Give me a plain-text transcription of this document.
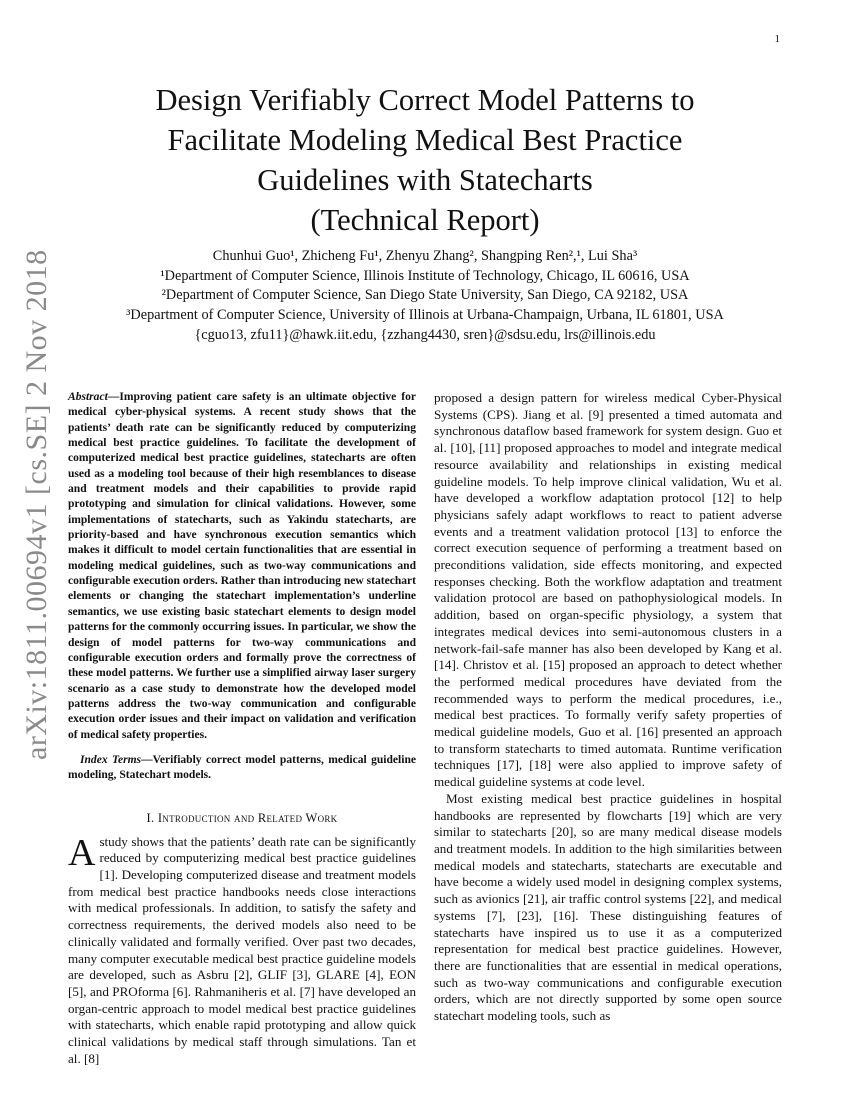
1
arXiv:1811.00694v1 [cs.SE] 2 Nov 2018
Design Verifiably Correct Model Patterns to
Facilitate Modeling Medical Best Practice
Guidelines with Statecharts
(Technical Report)
Chunhui Guo¹, Zhicheng Fu¹, Zhenyu Zhang², Shangping Ren²,¹, Lui Sha³
¹Department of Computer Science, Illinois Institute of Technology, Chicago, IL 60616, USA
²Department of Computer Science, San Diego State University, San Diego, CA 92182, USA
³Department of Computer Science, University of Illinois at Urbana-Champaign, Urbana, IL 61801, USA
{cguo13, zfu11}@hawk.iit.edu, {zzhang4430, sren}@sdsu.edu, lrs@illinois.edu
Abstract—Improving patient care safety is an ultimate objective for medical cyber-physical systems. A recent study shows that the patients’ death rate can be significantly reduced by computerizing medical best practice guidelines. To facilitate the development of computerized medical best practice guidelines, statecharts are often used as a modeling tool because of their high resemblances to disease and treatment models and their capabilities to provide rapid prototyping and simulation for clinical validations. However, some implementations of statecharts, such as Yakindu statecharts, are priority-based and have synchronous execution semantics which makes it difficult to model certain functionalities that are essential in modeling medical guidelines, such as two-way communications and configurable execution orders. Rather than introducing new statechart elements or changing the statechart implementation’s underline semantics, we use existing basic statechart elements to design model patterns for the commonly occurring issues. In particular, we show the design of model patterns for two-way communications and configurable execution orders and formally prove the correctness of these model patterns. We further use a simplified airway laser surgery scenario as a case study to demonstrate how the developed model patterns address the two-way communication and configurable execution order issues and their impact on validation and verification of medical safety properties.
Index Terms—Verifiably correct model patterns, medical guideline modeling, Statechart models.
I. Introduction and Related Work
A study shows that the patients’ death rate can be significantly reduced by computerizing medical best practice guidelines [1]. Developing computerized disease and treatment models from medical best practice handbooks needs close interactions with medical professionals. In addition, to satisfy the safety and correctness requirements, the derived models also need to be clinically validated and formally verified. Over past two decades, many computer executable medical best practice guideline models are developed, such as Asbru [2], GLIF [3], GLARE [4], EON [5], and PROforma [6]. Rahmaniheris et al. [7] have developed an organ-centric approach to model medical best practice guidelines with statecharts, which enable rapid prototyping and allow quick clinical validations by medical staff through simulations. Tan et al. [8]
proposed a design pattern for wireless medical Cyber-Physical Systems (CPS). Jiang et al. [9] presented a timed automata and synchronous dataflow based framework for system design. Guo et al. [10], [11] proposed approaches to model and integrate medical resource availability and relationships in existing medical guideline models. To help improve clinical validation, Wu et al. have developed a workflow adaptation protocol [12] to help physicians safely adapt workflows to react to patient adverse events and a treatment validation protocol [13] to enforce the correct execution sequence of performing a treatment based on preconditions validation, side effects monitoring, and expected responses checking. Both the workflow adaptation and treatment validation protocol are based on pathophysiological models. In addition, based on organ-specific physiology, a system that integrates medical devices into semi-autonomous clusters in a network-fail-safe manner has also been developed by Kang et al. [14]. Christov et al. [15] proposed an approach to detect whether the performed medical procedures have deviated from the recommended ways to perform the medical procedures, i.e., medical best practices. To formally verify safety properties of medical guideline models, Guo et al. [16] presented an approach to transform statecharts to timed automata. Runtime verification techniques [17], [18] were also applied to improve safety of medical guideline systems at code level.
Most existing medical best practice guidelines in hospital handbooks are represented by flowcharts [19] which are very similar to statecharts [20], so are many medical disease models and treatment models. In addition to the high similarities between medical models and statecharts, statecharts are executable and have become a widely used model in designing complex systems, such as avionics [21], air traffic control systems [22], and medical systems [7], [23], [16]. These distinguishing features of statecharts have inspired us to use it as a computerized representation for medical best practice guidelines. However, there are functionalities that are essential in medical operations, such as two-way communications and configurable execution orders, which are not directly supported by some open source statechart modeling tools, such as
